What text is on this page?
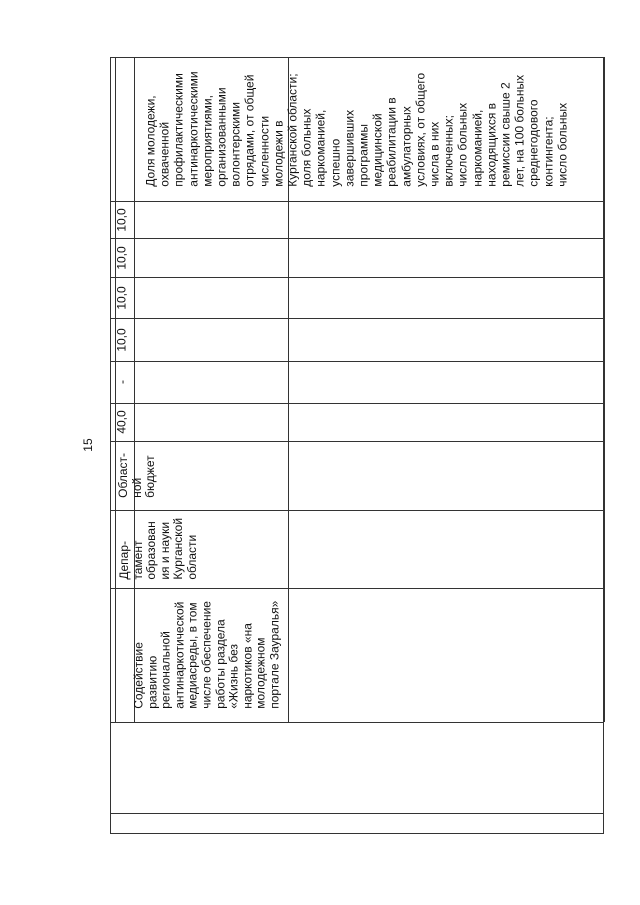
15
Доля молодежи,
охваченной
профилактическими
антинаркотическими
мероприятиями,
организованными
волонтерскими
отрядами, от общей
численности
молодежи в
Курганской области;
доля больных
наркоманией,
успешно
завершивших
программы
медицинской
реабилитации в
амбулаторных
условиях, от общего
числа в них
включенных;
число больных
наркоманией,
находящихся в
ремиссии свыше 2
лет, на 100 больных
среднегодового
контингента;
число больных
10,0
10,0
10,0
10,0
-
40,0
Област-
ной
бюджет
Депар-
тамент
образован
ия и науки
Курганской
области
Содействие
развитию
региональной
антинаркотической
медиасреды, в том
числе обеспечение
работы раздела
«Жизнь без
наркотиков «на
молодежном
портале Зауралья»
